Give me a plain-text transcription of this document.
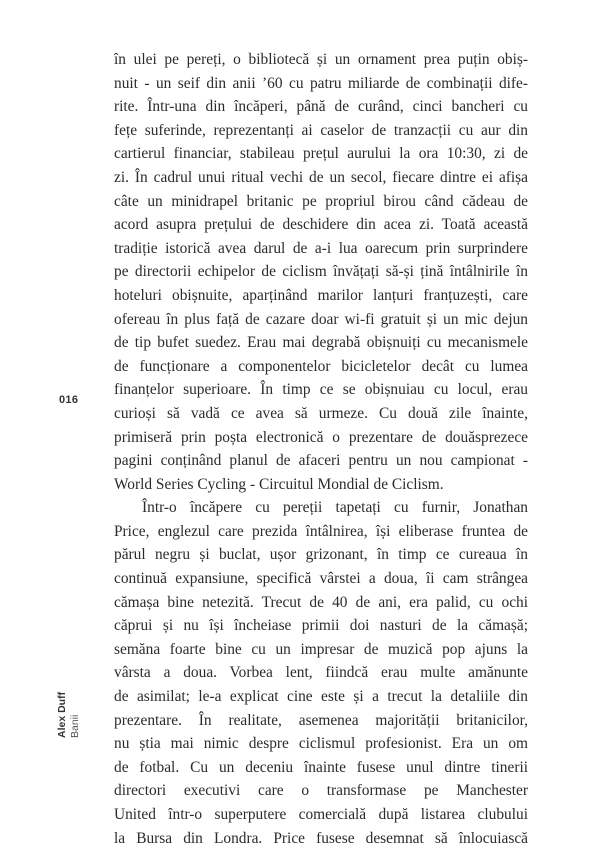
în ulei pe pereți, o bibliotecă și un ornament prea puțin obiș-
nuit - un seif din anii ’60 cu patru miliarde de combinații dife-
rite. Într-una din încăperi, până de curând, cinci bancheri cu
fețe suferinde, reprezentanți ai caselor de tranzacții cu aur din
cartierul financiar, stabileau prețul aurului la ora 10:30, zi de
zi. În cadrul unui ritual vechi de un secol, fiecare dintre ei afișa
câte un minidrapel britanic pe propriul birou când cădeau de
acord asupra prețului de deschidere din acea zi. Toată această
tradiție istorică avea darul de a-i lua oarecum prin surprindere
pe directorii echipelor de ciclism învățați să-și țină întâlnirile în
hoteluri obișnuite, aparținând marilor lanțuri franțuzești, care
ofereau în plus față de cazare doar wi-fi gratuit și un mic dejun
de tip bufet suedez. Erau mai degrabă obișnuiți cu mecanismele
de funcționare a componentelor bicicletelor decât cu lumea
finanțelor superioare. În timp ce se obișnuiau cu locul, erau
curioși să vadă ce avea să urmeze. Cu două zile înainte,
primiseră prin poșta electronică o prezentare de douăsprezece
pagini conținând planul de afaceri pentru un nou campionat -
World Series Cycling - Circuitul Mondial de Ciclism.
Într-o încăpere cu pereții tapetați cu furnir, Jonathan
Price, englezul care prezida întâlnirea, își eliberase fruntea de
părul negru și buclat, ușor grizonant, în timp ce cureaua în
continuă expansiune, specifică vârstei a doua, îi cam strângea
cămașa bine netezită. Trecut de 40 de ani, era palid, cu ochi
căprui și nu își încheiase primii doi nasturi de la cămașă;
semăna foarte bine cu un impresar de muzică pop ajuns la
vârsta a doua. Vorbea lent, fiindcă erau multe amănunte
de asimilat; le-a explicat cine este și a trecut la detaliile din
prezentare. În realitate, asemenea majorității britanicilor,
nu știa mai nimic despre ciclismul profesionist. Era un om
de fotbal. Cu un deceniu înainte fusese unul dintre tinerii
directori executivi care o transformase pe Manchester
United într-o superputere comercială după listarea clubului
la Bursa din Londra. Price fusese desemnat să înlocuiască
016
Alex Duff Banii
